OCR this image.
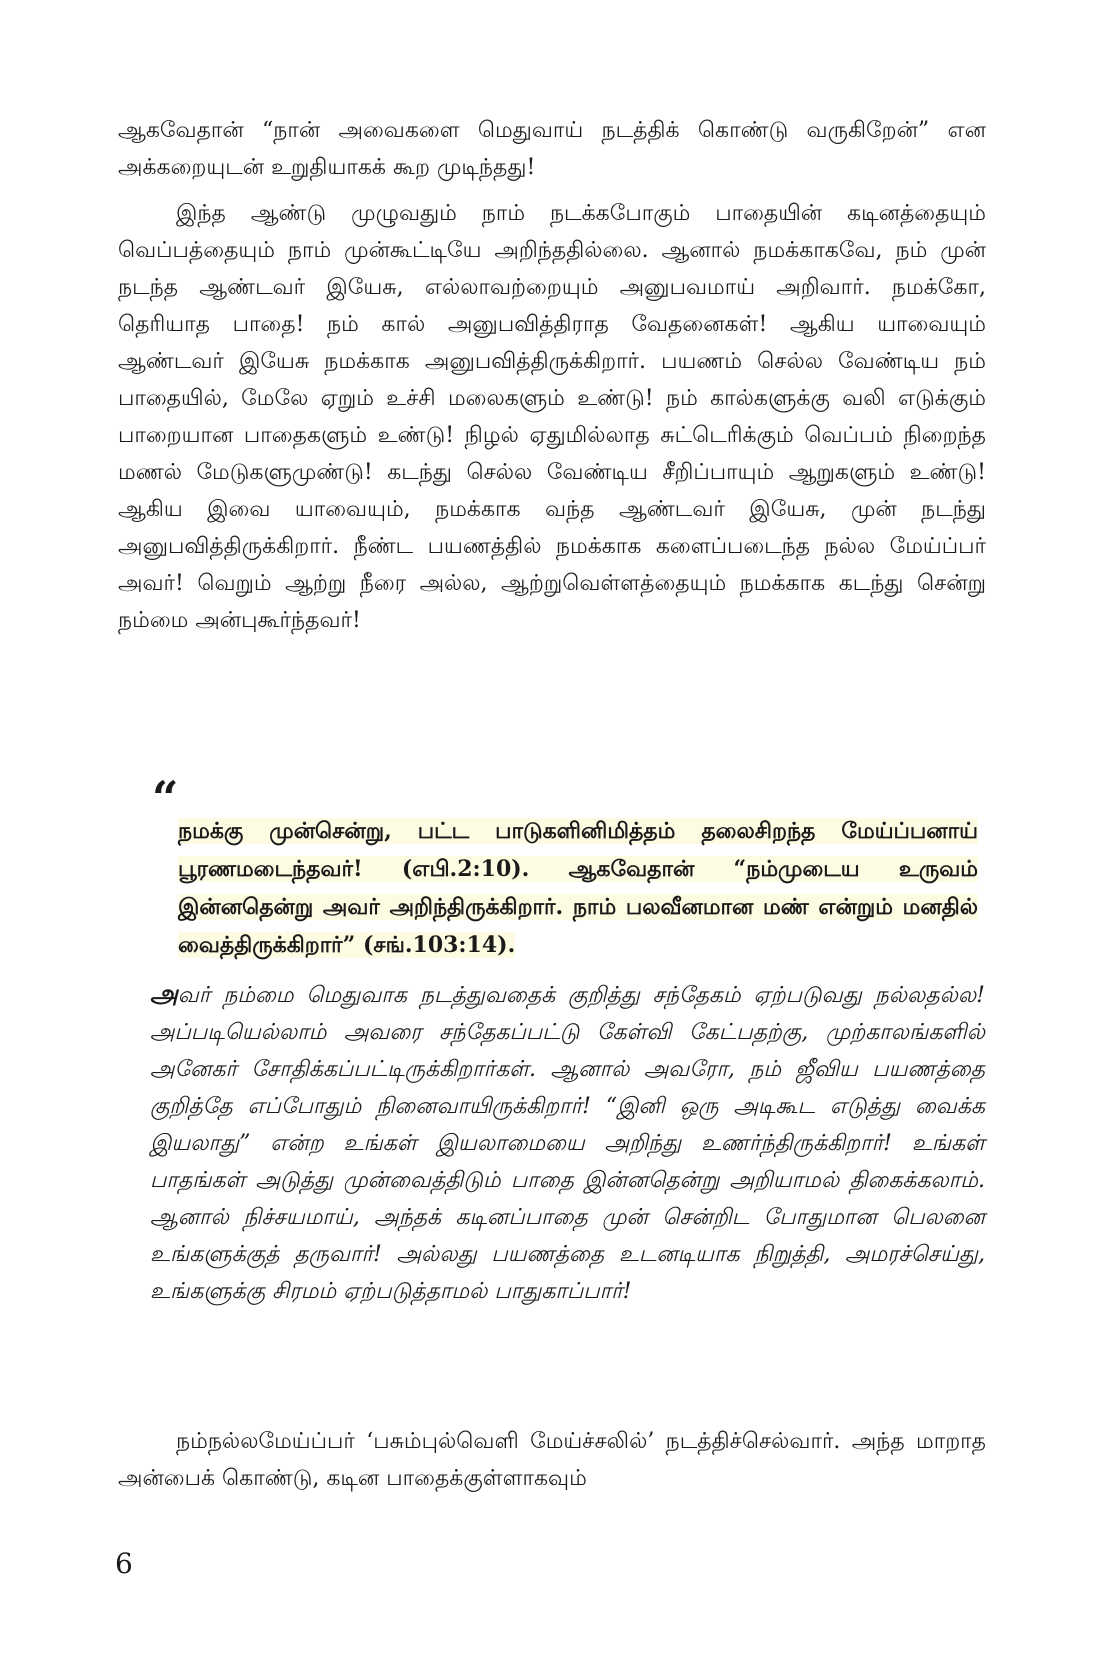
ஆகவேதான் “நான் அவைகளை மெதுவாய் நடத்திக் கொண்டு வருகிறேன்” என அக்கறையுடன் உறுதியாகக் கூற முடிந்தது!

இந்த ஆண்டு முழுவதும் நாம் நடக்கபோகும் பாதையின் கடினத்தையும் வெப்பத்தையும் நாம் முன்கூட்டியே அறிந்ததில்லை. ஆனால் நமக்காகவே, நம் முன் நடந்த ஆண்டவர் இயேசு, எல்லாவற்றையும் அனுபவமாய் அறிவார். நமக்கோ, தெரியாத பாதை! நம் கால் அனுபவித்திராத வேதனைகள்! ஆகிய யாவையும் ஆண்டவர் இயேசு நமக்காக அனுபவித்திருக்கிறார். பயணம் செல்ல வேண்டிய நம் பாதையில், மேலே ஏறும் உச்சி மலைகளும் உண்டு! நம் கால்களுக்கு வலி எடுக்கும் பாறையான பாதைகளும் உண்டு! நிழல் ஏதுமில்லாத சுட்டெரிக்கும் வெப்பம் நிறைந்த மணல் மேடுகளுமுண்டு! கடந்து செல்ல வேண்டிய சீறிப்பாயும் ஆறுகளும் உண்டு! ஆகிய இவை யாவையும், நமக்காக வந்த ஆண்டவர் இயேசு, முன் நடந்து அனுபவித்திருக்கிறார். நீண்ட பயணத்தில் நமக்காக களைப்படைந்த நல்ல மேய்ப்பர் அவர்! வெறும் ஆற்று நீரை அல்ல, ஆற்றுவெள்ளத்தையும் நமக்காக கடந்து சென்று நம்மை அன்புகூர்ந்தவர்!

“

நமக்கு முன்சென்று, பட்ட பாடுகளினிமித்தம் தலைசிறந்த மேய்ப்பனாய் பூரணமடைந்தவர்! (எபி.2:10). ஆகவேதான் “நம்முடைய உருவம் இன்னதென்று அவர் அறிந்திருக்கிறார். நாம் பலவீனமான மண் என்றும் மனதில் வைத்திருக்கிறார்” (சங்.103:14).

அவர் நம்மை மெதுவாக நடத்துவதைக் குறித்து சந்தேகம் ஏற்படுவது நல்லதல்ல! அப்படியெல்லாம் அவரை சந்தேகப்பட்டு கேள்வி கேட்பதற்கு, முற்காலங்களில் அனேகர் சோதிக்கப்பட்டிருக்கிறார்கள். ஆனால் அவரோ, நம் ஜீவிய பயணத்தை குறித்தே எப்போதும் நினைவாயிருக்கிறார்! “இனி ஒரு அடிகூட எடுத்து வைக்க இயலாது” என்ற உங்கள் இயலாமையை அறிந்து உணர்ந்திருக்கிறார்! உங்கள் பாதங்கள் அடுத்து முன்வைத்திடும் பாதை இன்னதென்று அறியாமல் திகைக்கலாம். ஆனால் நிச்சயமாய், அந்தக் கடினப்பாதை முன் சென்றிட போதுமான பெலனை உங்களுக்குத் தருவார்! அல்லது பயணத்தை உடனடியாக நிறுத்தி, அமரச்செய்து, உங்களுக்கு சிரமம் ஏற்படுத்தாமல் பாதுகாப்பார்!

நம்நல்லமேய்ப்பர் ‘பசும்புல்வெளி மேய்ச்சலில்’ நடத்திச்செல்வார். அந்த மாறாத அன்பைக் கொண்டு, கடின பாதைக்குள்ளாகவும்

6
